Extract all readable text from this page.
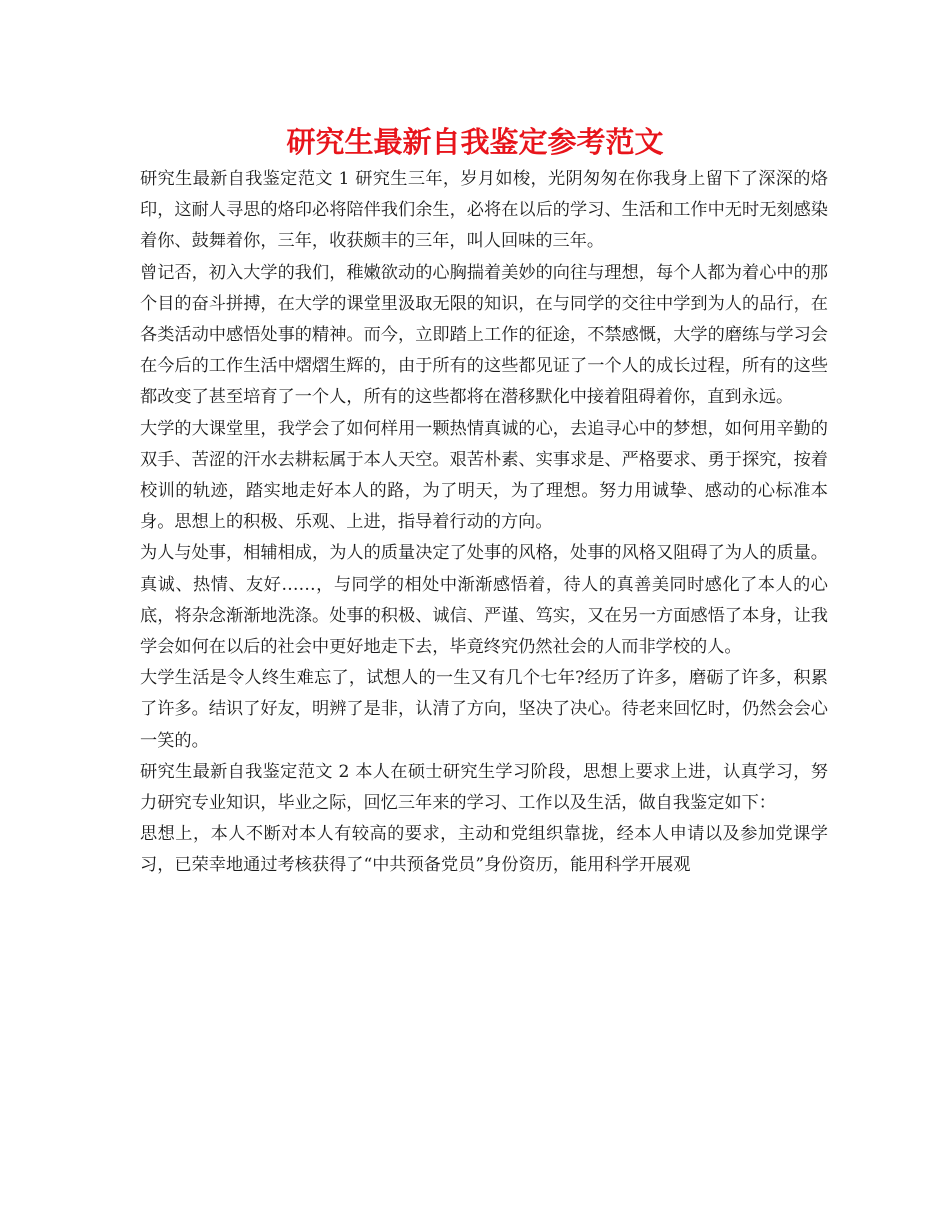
研究生最新自我鉴定参考范文

研究生最新自我鉴定范文 1 研究生三年，岁月如梭，光阴匆匆在你我身上留下了深深的烙印，这耐人寻思的烙印必将陪伴我们余生，必将在以后的学习、生活和工作中无时无刻感染着你、鼓舞着你，三年，收获颇丰的三年，叫人回味的三年。

曾记否，初入大学的我们，稚嫩欲动的心胸揣着美妙的向往与理想，每个人都为着心中的那个目的奋斗拼搏，在大学的课堂里汲取无限的知识，在与同学的交往中学到为人的品行，在各类活动中感悟处事的精神。而今，立即踏上工作的征途，不禁感慨，大学的磨练与学习会在今后的工作生活中熠熠生辉的，由于所有的这些都见证了一个人的成长过程，所有的这些都改变了甚至培育了一个人，所有的这些都将在潜移默化中接着阻碍着你，直到永远。

大学的大课堂里，我学会了如何样用一颗热情真诚的心，去追寻心中的梦想，如何用辛勤的双手、苦涩的汗水去耕耘属于本人天空。艰苦朴素、实事求是、严格要求、勇于探究，按着校训的轨迹，踏实地走好本人的路，为了明天，为了理想。努力用诚挚、感动的心标准本身。思想上的积极、乐观、上进，指导着行动的方向。

为人与处事，相辅相成，为人的质量决定了处事的风格，处事的风格又阻碍了为人的质量。真诚、热情、友好……，与同学的相处中渐渐感悟着，待人的真善美同时感化了本人的心底，将杂念渐渐地洗涤。处事的积极、诚信、严谨、笃实，又在另一方面感悟了本身，让我学会如何在以后的社会中更好地走下去，毕竟终究仍然社会的人而非学校的人。

大学生活是令人终生难忘了，试想人的一生又有几个七年?经历了许多，磨砺了许多，积累了许多。结识了好友，明辨了是非，认清了方向，坚决了决心。待老来回忆时，仍然会会心一笑的。

研究生最新自我鉴定范文 2 本人在硕士研究生学习阶段，思想上要求上进，认真学习，努力研究专业知识，毕业之际，回忆三年来的学习、工作以及生活，做自我鉴定如下：

思想上，本人不断对本人有较高的要求，主动和党组织靠拢，经本人申请以及参加党课学习，已荣幸地通过考核获得了“中共预备党员”身份资历，能用科学开展观
